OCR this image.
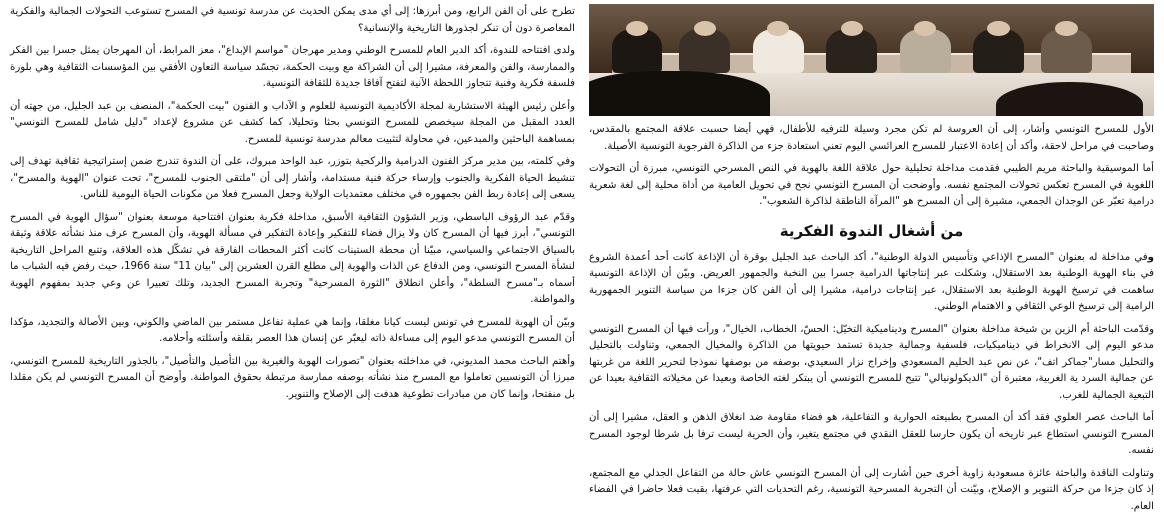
الأول للمسرح التونسي وأشار، إلى أن العروسة لم تكن مجرد وسيلة للترفيه للأطفال، فهي أيضا حسبت علاقة المجتمع بالمقدس، وصاحبت في مراحل لاحقة، وأكد أن إعادة الاعتبار للمسرح العرائسي اليوم تعني استعادة جزء من الذاكرة الفرجوية التونسية الأصيلة.

أما الموسيقية والباحثة مريم الطيبي فقدمت مداخلة تحليلية حول علاقة اللغة بالهوية في النص المسرحي التونسي، مبرزة أن التحولات اللغوية في المسرح تعكس تحولات المجتمع نفسه. وأوضحت أن المسرح التونسي نجح في تحويل العامية من أداة محلية إلى لغة شعرية درامية تعبّر عن الوجدان الجمعي، مشيرة إلى أن المسرح هو "المرآة الناطقة لذاكرة الشعوب".

من أشغال الندوة الفكرية

وفي مداخلة له بعنوان "المسرح الإذاعي وتأسيس الدولة الوطنية"، أكد الباحث عبد الجليل بوقرة أن الإذاعة كانت أحد أعمدة الشروع في بناء الهوية الوطنية بعد الاستقلال، وشكلت عبر إنتاجاتها الدرامية جسرا بين النخبة والجمهور العريض. وبيّن أن الإذاعة التونسية ساهمت في ترسيخ الهوية الوطنية بعد الاستقلال، عبر إنتاجات درامية، مشيرا إلى أن الفن كان جزءا من سياسة التنوير الجمهورية الرامية إلى ترسيخ الوعي الثقافي و الاهتمام الوطني.

وقدّمت الباحثة أم الزين بن شيخة مداخلة بعنوان "المسرح وديناميكية التخيّل: الحسّ، الخطاب، الخيال"، ورأت فيها أن المسرح التونسي مدعو اليوم إلى الانخراط في ديناميكيات، فلسفية وجمالية جديدة تستمد حيويتها من الذاكرة والمخيال الجمعي، وتناولت بالتحليل والتحليل مسار"جماكر اتف"، عن نص عبد الحليم المسعودي وإخراج نزار السعيدي، بوصفه من بوصفها نموذجا لتحرير اللغة من غربتها عن جمالية السرد ية الغربية، معتبرة أن "الديكولونيالي" تتيح للمسرح التونسي أن يبتكر لغته الخاصة وبعيدا عن مخيلاته الثقافية بعيدا عن التبعية الجمالية للغرب.

أما الباحث عصر العلوي فقد أكد أن المسرح بطبيعته الحوارية و التفاعلية، هو فضاء مقاومة ضد انغلاق الذهن و العقل، مشيرا إلى أن المسرح التونسي استطاع عبر تاريخه أن يكون حارسا للعقل النقدي في مجتمع يتغير، وأن الحرية ليست ترفا بل شرطا لوجود المسرح نفسه.

وتناولت الناقدة والباحثة عائزة مسعودية زاوية أخرى حين أشارت إلى أن المسرح التونسي عاش حالة من التفاعل الجدلي مع المجتمع، إذ كان جزءا من حركة التنوير و الإصلاح، وبيّنت أن التجربة المسرحية التونسية، رغم التحديات التي عرفتها، بقيت فعلا حاضرا في الفضاء العام.

تطرح على أن الفن الرابع، ومن أبرزها: إلى أي مدى يمكن الحديث عن مدرسة تونسية في المسرح تستوعب التحولات الجمالية والفكرية المعاصرة دون أن تنكر لجذورها التاريخية والإنسانية؟

ولدى افتتاحه للندوة، أكد الدير العام للمسرح الوطني ومدير مهرجان "مواسم الإبداع"، معز المرابط، أن المهرجان يمثل جسرا بين الفكر والممارسة، والفن والمعرفة، مشيرا إلى أن الشراكة مع وبيت الحكمة، تجسّد سياسة التعاون الأفقي بين المؤسسات الثقافية وهي بلورة فلسفة فكرية وفنية تتجاوز اللحظة الآنية لتفتح آفاقا جديدة للثقافة التونسية.

وأعلن رئيس الهيئة الاستشارية لمجلة الأكاديمية التونسية للعلوم و الآداب و الفنون "بيت الحكمة"، المنصف بن عبد الجليل، من جهته أن العدد المقبل من المجلة سيخصص للمسرح التونسي بحثا وتحليلا، كما كشف عن مشروع لإعداد "دليل شامل للمسرح التونسي" بمساهمة الباحثين والمبدعين، في محاولة لتثبيت معالم مدرسة تونسية للمسرح.

وفي كلمته، بين مدير مركز الفنون الدرامية والركحية بتوزر، عبد الواحد مبروك، على أن الندوة تندرج ضمن إستراتيجية ثقافية تهدف إلى تنشيط الحياة الفكرية والجنوب وإرساء حركة فنية مستدامة، وأشار إلى أن "ملتقى الجنوب للمسرح"، تحت عنوان "الهوية والمسرح"، يسعى إلى إعادة ربط الفن بجمهوره في مختلف معتمديات الولاية وجعل المسرح فعلا من مكونات الحياة اليومية للناس.

وقدّم عبد الرؤوف الباسطي، وزير الشؤون الثقافية الأسبق، مداخلة فكرية بعنوان افتتاحية موسعة بعنوان "سؤال الهوية في المسرح التونسي"، أبرز فيها أن المسرح كان ولا يزال فضاء للتفكير وإعادة التفكير في مسألة الهوية، وأن المسرح عرف منذ نشأته علاقة وثيقة بالسياق الاجتماعي والسياسي، مبيّنا أن محطة الستينات كانت أكثر المحطات الفارقة في تشكّل هذه العلاقة، وتتبع المراحل التاريخية لنشأة المسرح التونسي، ومن الدفاع عن الذات والهوية إلى مطلع القرن العشرين إلى "بيان 11" سنة 1966، حيث رفض فيه الشباب ما أسماه بـ"مسرح السلطة"، وأعلن انطلاق "الثورة المسرحية" وتجربة المسرح الجديد، وتلك تعبيرا عن وعي جديد بمفهوم الهوية والمواطنة.

وبيّن أن الهوية للمسرح في تونس ليست كيانا مغلقا، وإنما هي عملية تفاعل مستمر بين الماضي والكوني، وبين الأصالة والتجديد، مؤكدا أن المسرح التونسي مدعو اليوم إلى مساءلة ذاته ليعبّر عن إنسان هذا العصر بقلقه وأسئلته وأحلامه.

وأهتم الباحث محمد المديوني، في مداخلته بعنوان "تصورات الهوية والغيرية بين التأصيل والتأصيل"، بالجذور التاريخية للمسرح التونسي، مبرزا أن التونسيين تعاملوا مع المسرح منذ نشأته بوصفه ممارسة مرتبطة بحقوق المواطنة. وأوضح أن المسرح التونسي لم يكن مقلدا بل منفتحا، وإنما كان من مبادرات تطوعية هدفت إلى الإصلاح والتنوير.
